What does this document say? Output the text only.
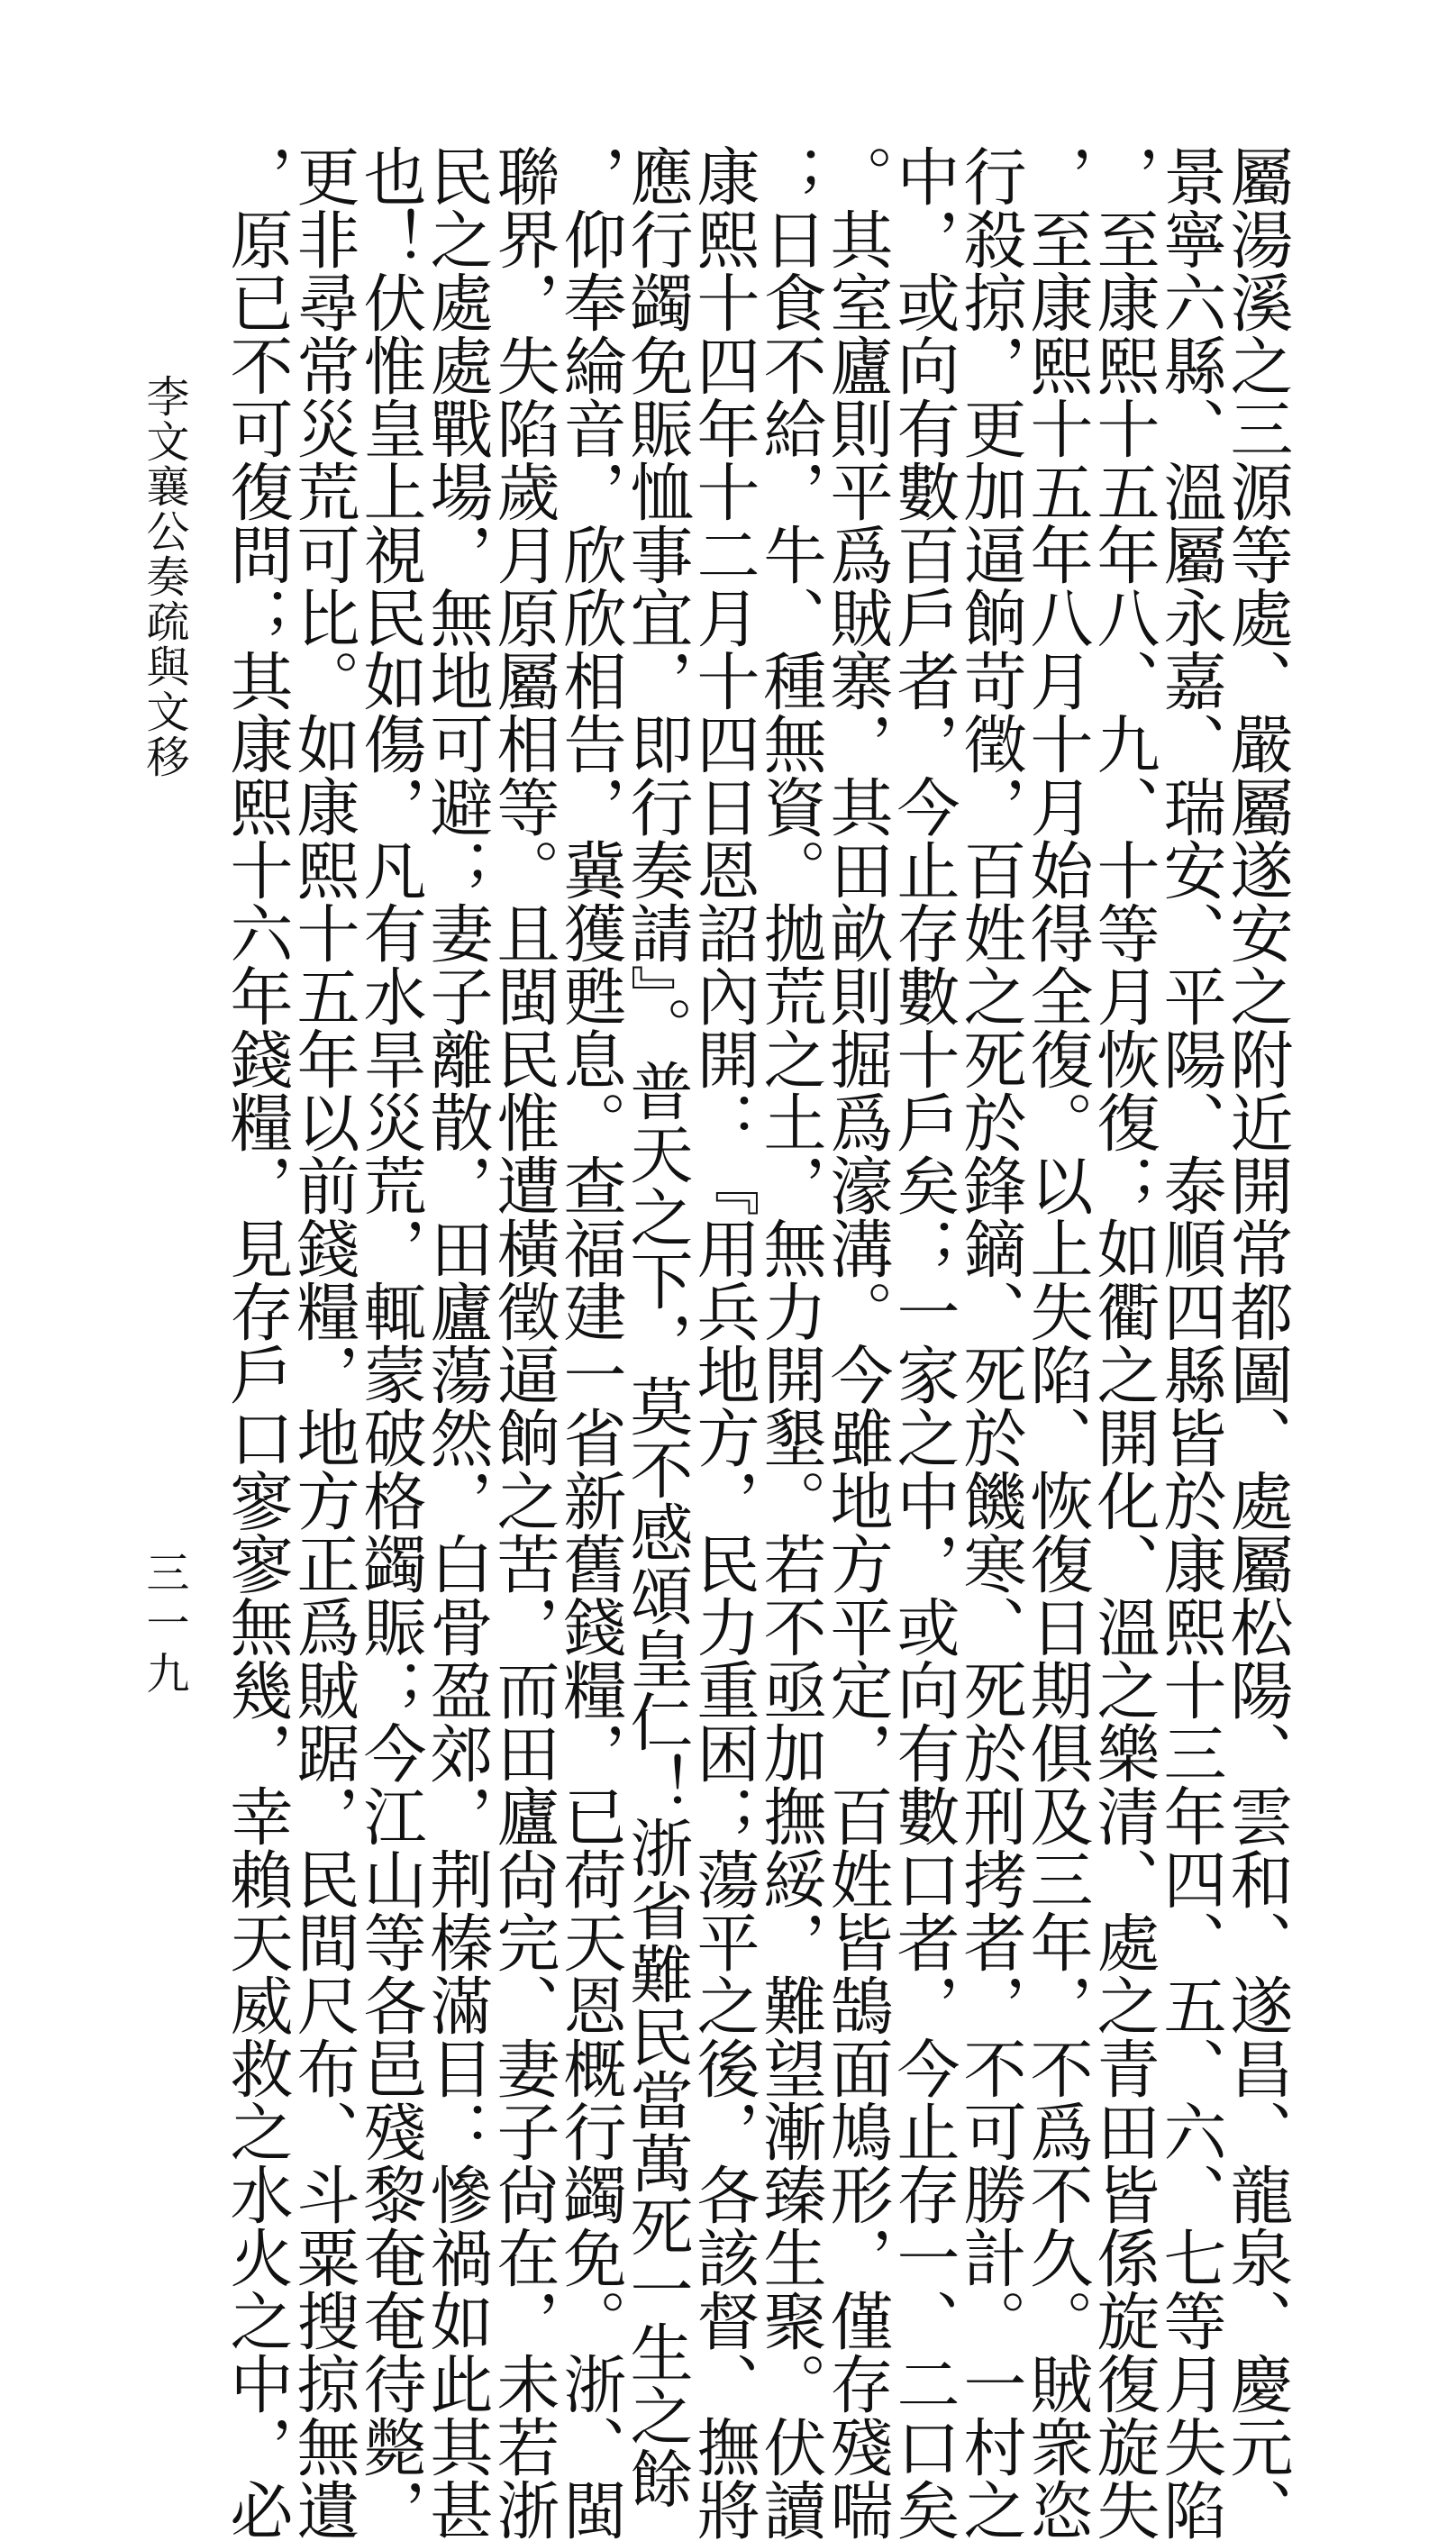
李文襄公奏疏與文移
三一九	屬湯溪之三源等處、嚴屬遂安之附近開常都圖、處屬松陽、雲和、遂昌、龍泉、慶元、
景寧六縣、溫屬永嘉、瑞安、平陽、泰順四縣皆於康熙十三年四、五、六、七等月失陷
，至康熙十五年八、九、十等月恢復；如衢之開化、溫之樂清、處之青田皆係旋復旋失
，至康熙十五年八月十月始得全復。以上失陷、恢復日期俱及三年，不爲不久。賊衆恣
行殺掠，更加逼餉苛徵，百姓之死於鋒鏑、死於饑寒、死於刑拷者，不可勝計。一村之
中，或向有數百戶者，今止存數十戶矣；一家之中，或向有數口者，今止存一、二口矣
。其室廬則平爲賊寨，其田畝則掘爲濠溝。今雖地方平定，百姓皆鵠面鳩形，僅存殘喘
；日食不給，牛、種無資。拋荒之土，無力開墾。若不亟加撫綏，難望漸臻生聚。伏讀
康熙十四年十二月十四日恩詔內開：『用兵地方，民力重困；蕩平之後，各該督、撫將
應行蠲免賑恤事宜，即行奏請』。普天之下，莫不感頌皇仁！浙省難民當萬死一生之餘
，仰奉綸音，欣欣相告，冀獲甦息。查福建一省新舊錢糧，已荷天恩概行蠲免。浙、閩
聯界，失陷歲月原屬相等。且閩民惟遭橫徵逼餉之苦，而田廬尙完、妻子尙在，未若浙
民之處處戰場，無地可避；妻子離散，田廬蕩然，白骨盈郊，荆榛滿目：慘禍如此其甚
也！伏惟皇上視民如傷，凡有水旱災荒，輒蒙破格蠲賑；今江山等各邑殘黎奄奄待斃，
更非尋常災荒可比。如康熙十五年以前錢糧，地方正爲賊踞，民間尺布、斗粟搜掠無遺
，原已不可復問；其康熙十六年錢糧，見存戶口寥寥無幾，幸賴天威救之水火之中，必
